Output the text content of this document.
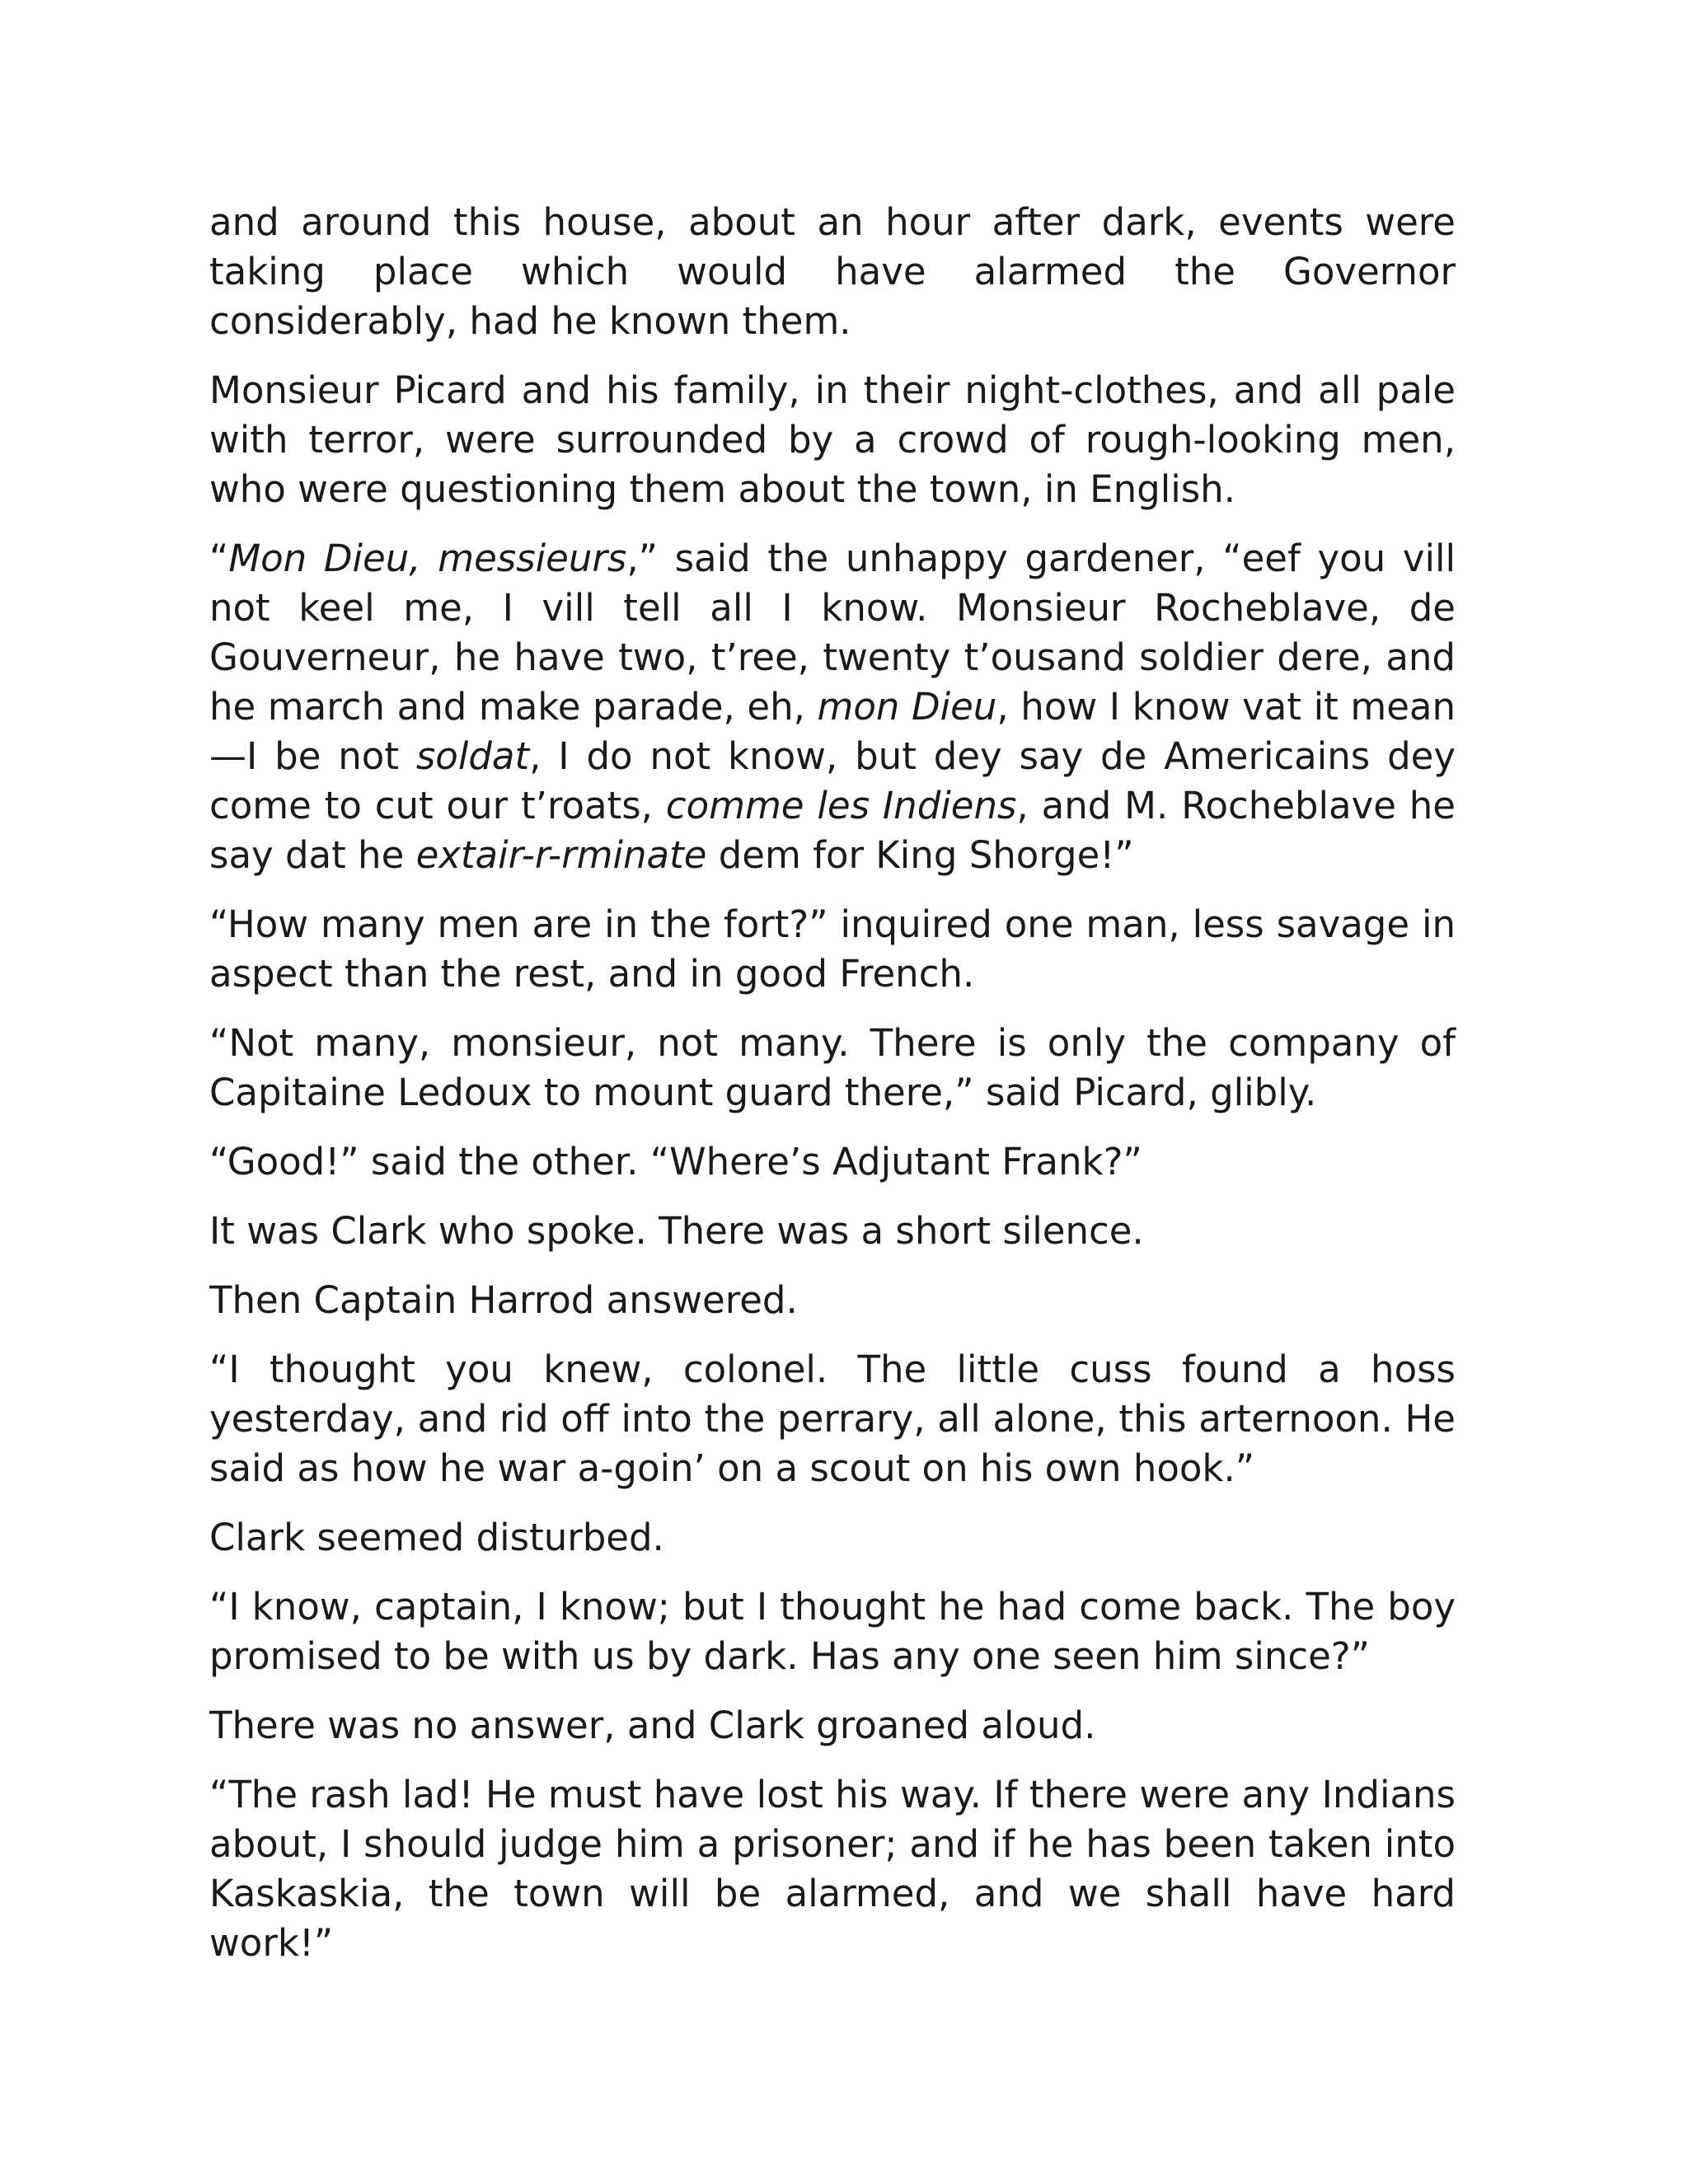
and around this house, about an hour after dark, events were taking place which would have alarmed the Governor considerably, had he known them.

Monsieur Picard and his family, in their night-clothes, and all pale with terror, were surrounded by a crowd of rough-looking men, who were questioning them about the town, in English.

“Mon Dieu, messieurs,” said the unhappy gardener, “eef you vill not keel me, I vill tell all I know. Monsieur Rocheblave, de Gouverneur, he have two, t’ree, twenty t’ousand soldier dere, and he march and make parade, eh, mon Dieu, how I know vat it mean—I be not soldat, I do not know, but dey say de Americains dey come to cut our t’roats, comme les Indiens, and M. Rocheblave he say dat he extair-r-rminate dem for King Shorge!”

“How many men are in the fort?” inquired one man, less savage in aspect than the rest, and in good French.

“Not many, monsieur, not many. There is only the company of Capitaine Ledoux to mount guard there,” said Picard, glibly.

“Good!” said the other. “Where’s Adjutant Frank?”

It was Clark who spoke. There was a short silence.

Then Captain Harrod answered.

“I thought you knew, colonel. The little cuss found a hoss yesterday, and rid off into the perrary, all alone, this arternoon. He said as how he war a-goin’ on a scout on his own hook.”

Clark seemed disturbed.

“I know, captain, I know; but I thought he had come back. The boy promised to be with us by dark. Has any one seen him since?”

There was no answer, and Clark groaned aloud.

“The rash lad! He must have lost his way. If there were any Indians about, I should judge him a prisoner; and if he has been taken into Kaskaskia, the town will be alarmed, and we shall have hard work!”
